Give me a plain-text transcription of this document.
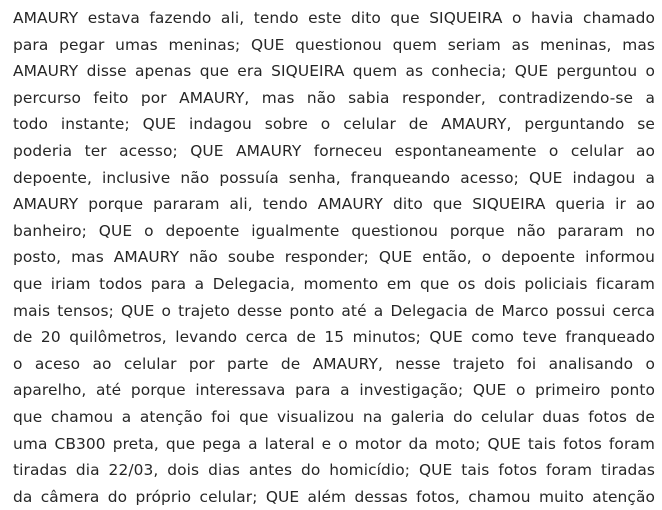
AMAURY estava fazendo ali, tendo este dito que SIQUEIRA o havia chamado
para pegar umas meninas; QUE questionou quem seriam as meninas, mas
AMAURY disse apenas que era SIQUEIRA quem as conhecia; QUE perguntou o
percurso feito por AMAURY, mas não sabia responder, contradizendo-se a
todo instante; QUE indagou sobre o celular de AMAURY, perguntando se
poderia ter acesso; QUE AMAURY forneceu espontaneamente o celular ao
depoente, inclusive não possuía senha, franqueando acesso; QUE indagou a
AMAURY porque pararam ali, tendo AMAURY dito que SIQUEIRA queria ir ao
banheiro; QUE o depoente igualmente questionou porque não pararam no
posto, mas AMAURY não soube responder; QUE então, o depoente informou
que iriam todos para a Delegacia, momento em que os dois policiais ficaram
mais tensos; QUE o trajeto desse ponto até a Delegacia de Marco possui cerca
de 20 quilômetros, levando cerca de 15 minutos; QUE como teve franqueado
o aceso ao celular por parte de AMAURY, nesse trajeto foi analisando o
aparelho, até porque interessava para a investigação; QUE o primeiro ponto
que chamou a atenção foi que visualizou na galeria do celular duas fotos de
uma CB300 preta, que pega a lateral e o motor da moto; QUE tais fotos foram
tiradas dia 22/03, dois dias antes do homicídio; QUE tais fotos foram tiradas
da câmera do próprio celular; QUE além dessas fotos, chamou muito atenção
